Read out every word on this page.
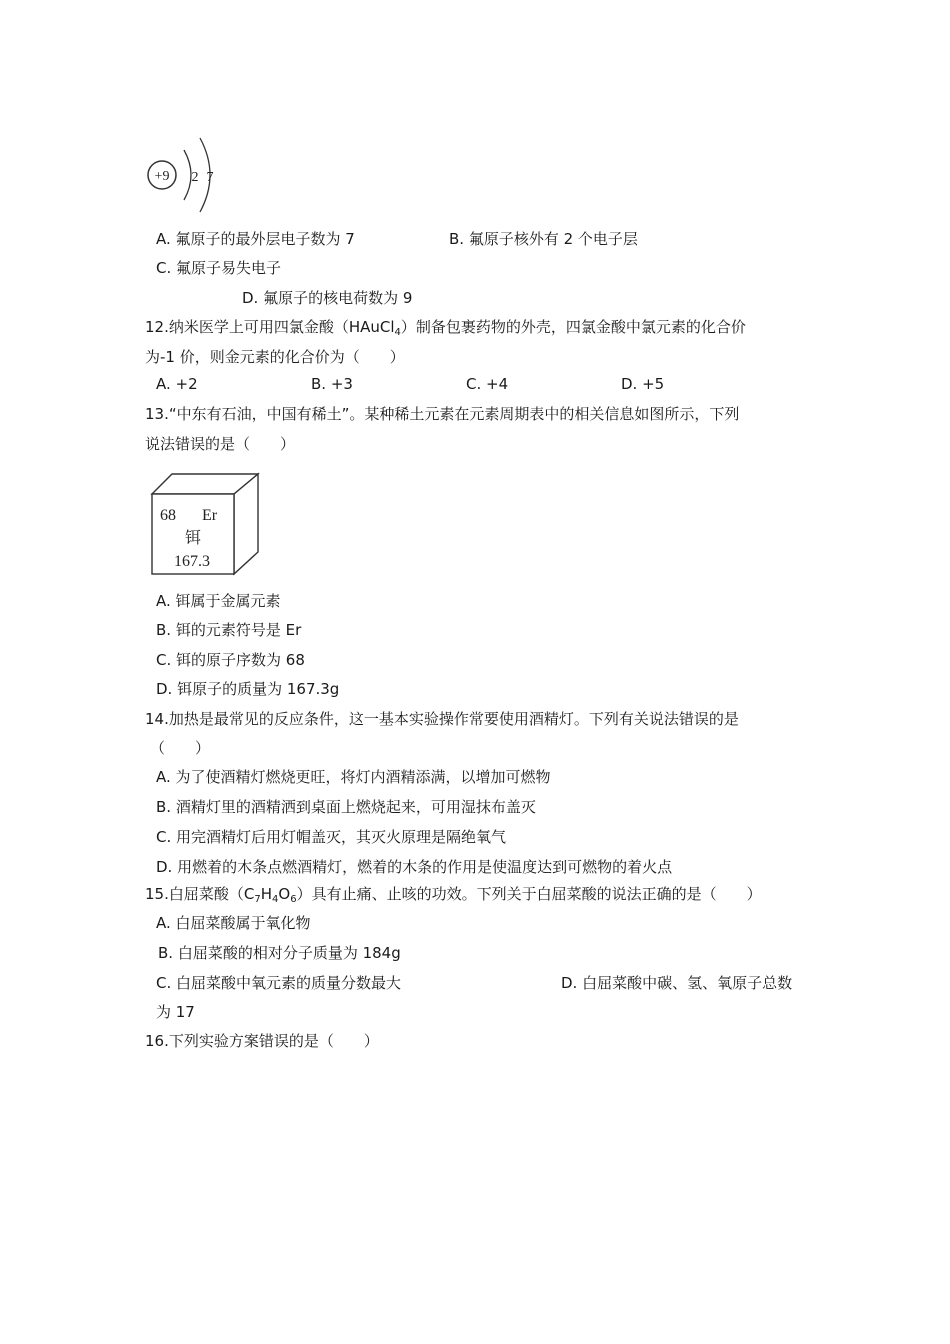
+9 2 7
A. 氟原子的最外层电子数为 7	B. 氟原子核外有 2 个电子层
C. 氟原子易失电子
D. 氟原子的核电荷数为 9
12.纳米医学上可用四氯金酸（HAuCl$_4$）制备包裹药物的外壳，四氯金酸中氯元素的化合价
为-1 价，则金元素的化合价为（　　）
A. +2	B. +3	C. +4	D. +5
13.“中东有石油，中国有稀土”。某种稀土元素在元素周期表中的相关信息如图所示，下列
说法错误的是（　　）
68 Er
铒
167.3
A. 铒属于金属元素
B. 铒的元素符号是 Er
C. 铒的原子序数为 68
D. 铒原子的质量为 167.3g
14.加热是最常见的反应条件，这一基本实验操作常要使用酒精灯。下列有关说法错误的是
（　　）
A. 为了使酒精灯燃烧更旺，将灯内酒精添满，以增加可燃物
B. 酒精灯里的酒精洒到桌面上燃烧起来，可用湿抹布盖灭
C. 用完酒精灯后用灯帽盖灭，其灭火原理是隔绝氧气
D. 用燃着的木条点燃酒精灯，燃着的木条的作用是使温度达到可燃物的着火点
15.白屈菜酸$(C_7H_4O_6)$具有止痛、止咳的功效。下列关于白屈菜酸的说法正确的是（　　）
A. 白屈菜酸属于氧化物
B. 白屈菜酸的相对分子质量为 184g
C. 白屈菜酸中氧元素的质量分数最大	D. 白屈菜酸中碳、氢、氧原子总数
为 17
16.下列实验方案错误的是（　　）
